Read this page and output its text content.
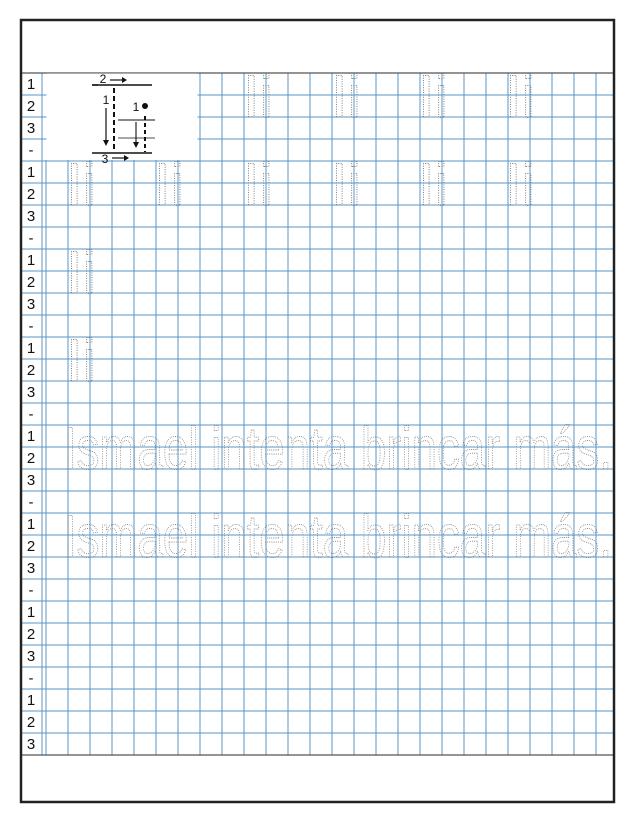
1
2
3
-
1
2
3
-
1
2
3
-
1
2
3
-
1
2
3
-
1
2
3
-
1
2
3
-
1
2
3
2
3
1 1 Ii Ii Ii Ii
Ii Ii Ii Ii Ii Ii
Ii
Ii
Ismael intenta brincar más.
Ismael intenta brincar más.
